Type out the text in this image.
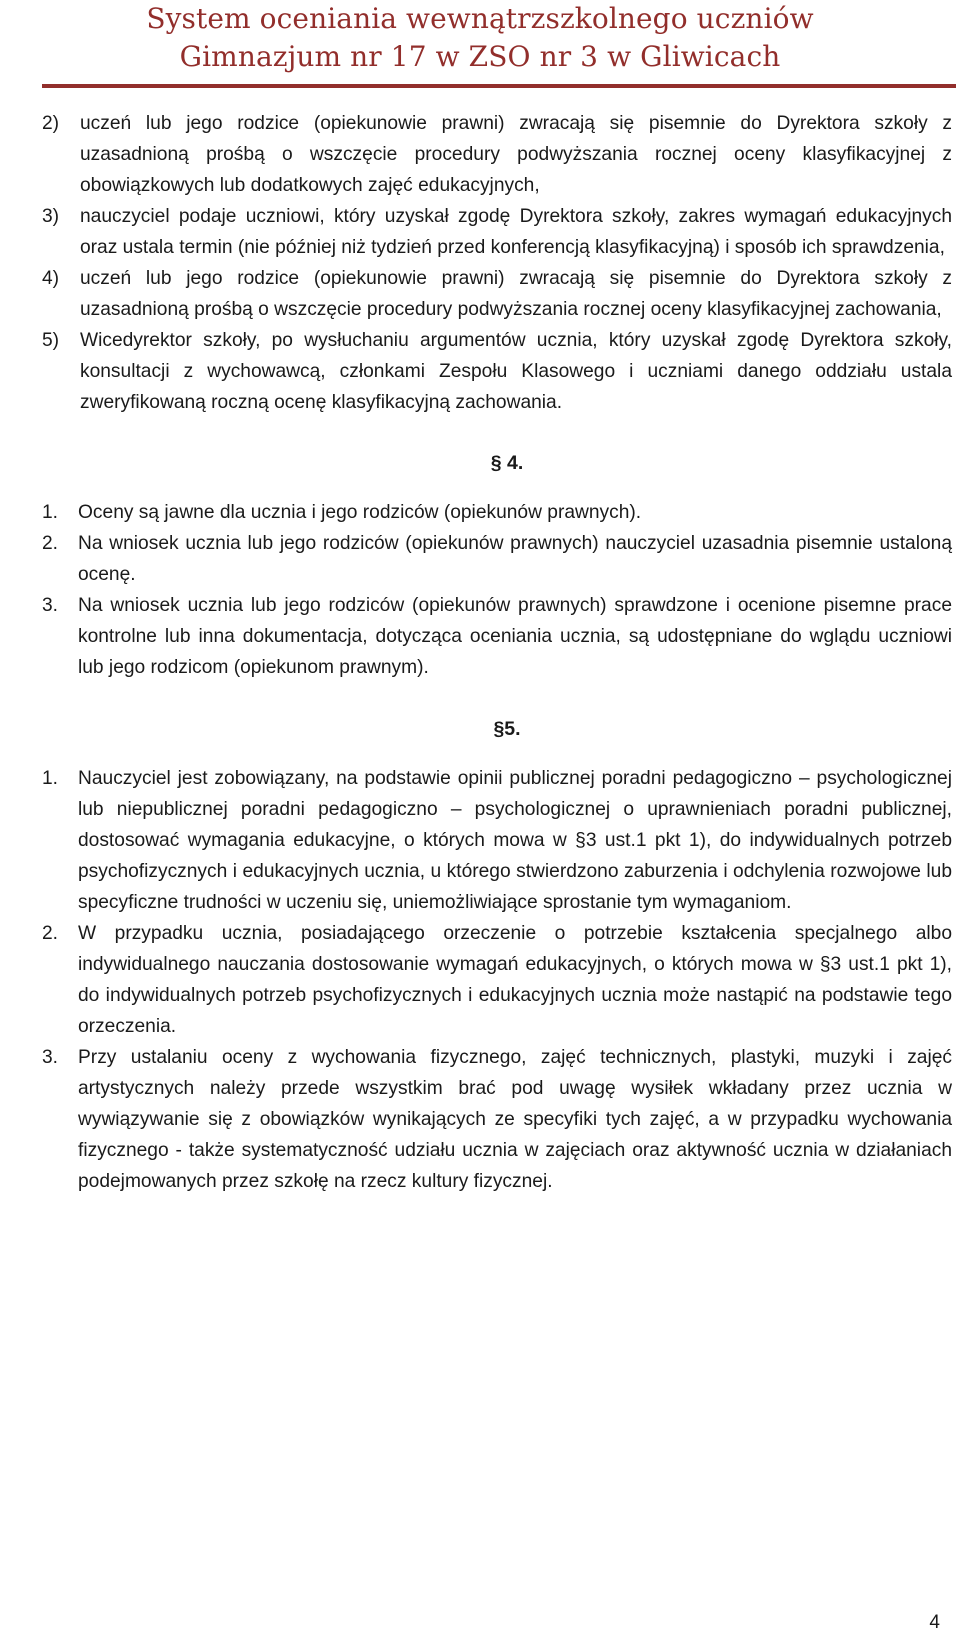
System oceniania wewnątrzszkolnego uczniów
Gimnazjum nr 17 w ZSO nr 3 w Gliwicach
2)	uczeń lub jego rodzice (opiekunowie prawni) zwracają się pisemnie do Dyrektora szkoły z uzasadnioną prośbą o wszczęcie procedury podwyższania rocznej oceny klasyfikacyjnej z obowiązkowych lub dodatkowych zajęć edukacyjnych,
3)	nauczyciel podaje uczniowi, który uzyskał zgodę Dyrektora szkoły, zakres wymagań edukacyjnych oraz ustala termin (nie później niż tydzień przed konferencją klasyfikacyjną) i sposób ich sprawdzenia,
4)	uczeń lub jego rodzice (opiekunowie prawni) zwracają się pisemnie do Dyrektora szkoły z uzasadnioną prośbą o wszczęcie procedury podwyższania rocznej oceny klasyfikacyjnej zachowania,
5)	Wicedyrektor szkoły, po wysłuchaniu argumentów ucznia, który uzyskał zgodę Dyrektora szkoły, konsultacji z wychowawcą, członkami Zespołu Klasowego i uczniami danego oddziału ustala zweryfikowaną roczną ocenę klasyfikacyjną zachowania.
§ 4.
1.	Oceny są jawne dla ucznia i jego rodziców (opiekunów prawnych).
2.	Na wniosek ucznia lub jego rodziców (opiekunów prawnych) nauczyciel uzasadnia pisemnie ustaloną ocenę.
3.	Na wniosek ucznia lub jego rodziców (opiekunów prawnych) sprawdzone i ocenione pisemne prace kontrolne lub inna dokumentacja, dotycząca oceniania ucznia, są udostępniane do wglądu uczniowi lub jego rodzicom (opiekunom prawnym).
§5.
1.	Nauczyciel jest zobowiązany, na podstawie opinii publicznej poradni pedagogiczno – psychologicznej lub niepublicznej poradni pedagogiczno – psychologicznej o uprawnieniach poradni publicznej, dostosować wymagania edukacyjne, o których mowa w §3 ust.1 pkt 1), do indywidualnych potrzeb psychofizycznych i edukacyjnych ucznia, u którego stwierdzono zaburzenia i odchylenia rozwojowe lub specyficzne trudności w uczeniu się, uniemożliwiające sprostanie tym wymaganiom.
2.	W przypadku ucznia, posiadającego orzeczenie o potrzebie kształcenia specjalnego albo indywidualnego nauczania dostosowanie wymagań edukacyjnych, o których mowa w §3 ust.1 pkt 1), do indywidualnych potrzeb psychofizycznych i edukacyjnych ucznia może nastąpić na podstawie tego orzeczenia.
3.	Przy ustalaniu oceny z wychowania fizycznego, zajęć technicznych, plastyki, muzyki i zajęć artystycznych należy przede wszystkim brać pod uwagę wysiłek wkładany przez ucznia w wywiązywanie się z obowiązków wynikających ze specyfiki tych zajęć, a w przypadku wychowania fizycznego - także systematyczność udziału ucznia w zajęciach oraz aktywność ucznia w działaniach podejmowanych przez szkołę na rzecz kultury fizycznej.
4
